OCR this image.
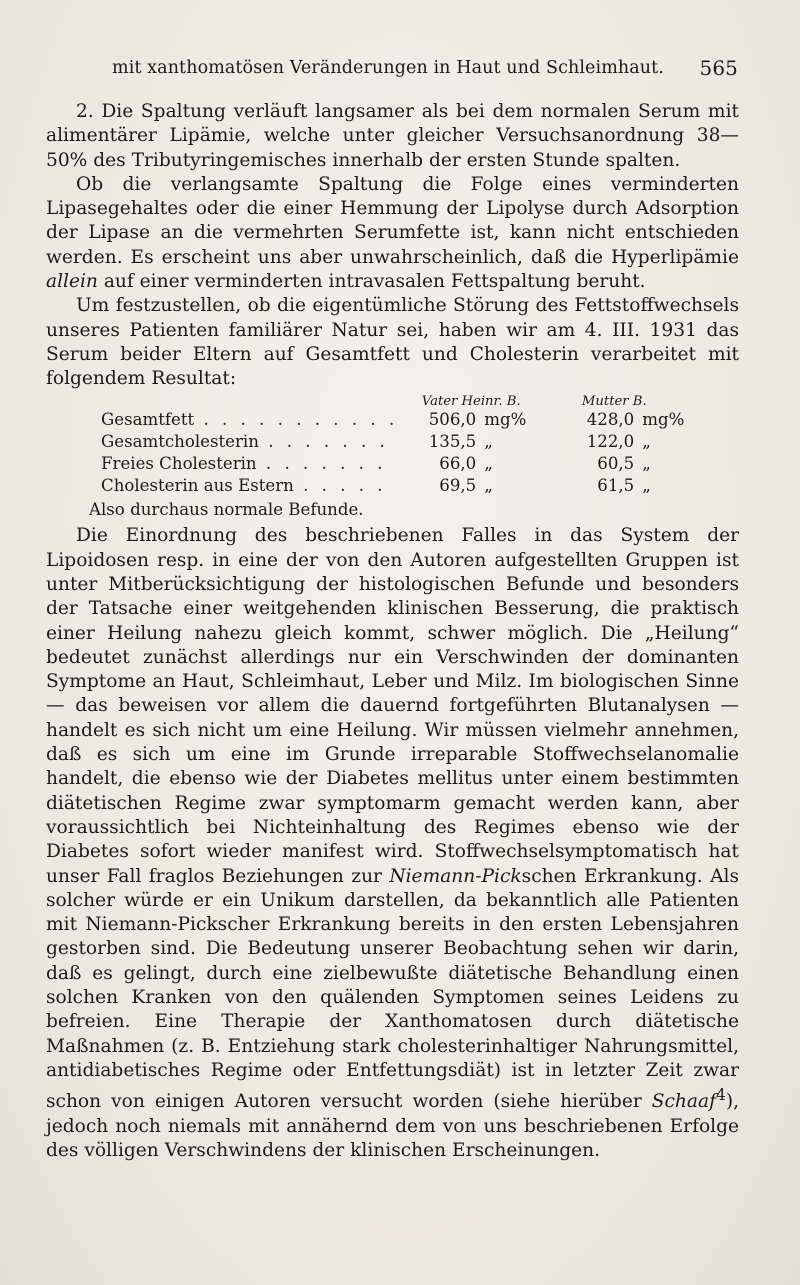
mit xanthomatösen Veränderungen in Haut und Schleimhaut. 565

2. Die Spaltung verläuft langsamer als bei dem normalen Serum mit alimentärer Lipämie, welche unter gleicher Versuchsanordnung 38—50% des Tributyringemisches innerhalb der ersten Stunde spalten.

Ob die verlangsamte Spaltung die Folge eines verminderten Lipasegehaltes oder die einer Hemmung der Lipolyse durch Adsorption der Lipase an die vermehrten Serumfette ist, kann nicht entschieden werden. Es erscheint uns aber unwahrscheinlich, daß die Hyperlipämie allein auf einer verminderten intravasalen Fettspaltung beruht.

Um festzustellen, ob die eigentümliche Störung des Fettstoffwechsels unseres Patienten familiärer Natur sei, haben wir am 4. III. 1931 das Serum beider Eltern auf Gesamtfett und Cholesterin verarbeitet mit folgendem Resultat:

	Vater Heinr. B.		Mutter B.	
Gesamtfett . . . . . . . . . . .	506,0	mg%	428,0	mg%
Gesamtcholesterin . . . . . . .	135,5	„	122,0	„
Freies Cholesterin . . . . . . .	66,0	„	60,5	„
Cholesterin aus Estern . . . . .	69,5	„	61,5	„
Also durchaus normale Befunde.

Die Einordnung des beschriebenen Falles in das System der Lipoidosen resp. in eine der von den Autoren aufgestellten Gruppen ist unter Mitberücksichtigung der histologischen Befunde und besonders der Tatsache einer weitgehenden klinischen Besserung, die praktisch einer Heilung nahezu gleich kommt, schwer möglich. Die „Heilung“ bedeutet zunächst allerdings nur ein Verschwinden der dominanten Symptome an Haut, Schleimhaut, Leber und Milz. Im biologischen Sinne — das beweisen vor allem die dauernd fortgeführten Blutanalysen — handelt es sich nicht um eine Heilung. Wir müssen vielmehr annehmen, daß es sich um eine im Grunde irreparable Stoffwechselanomalie handelt, die ebenso wie der Diabetes mellitus unter einem bestimmten diätetischen Regime zwar symptomarm gemacht werden kann, aber voraussichtlich bei Nichteinhaltung des Regimes ebenso wie der Diabetes sofort wieder manifest wird. Stoffwechselsymptomatisch hat unser Fall fraglos Beziehungen zur Niemann-Pickschen Erkrankung. Als solcher würde er ein Unikum darstellen, da bekanntlich alle Patienten mit Niemann-Pickscher Erkrankung bereits in den ersten Lebensjahren gestorben sind. Die Bedeutung unserer Beobachtung sehen wir darin, daß es gelingt, durch eine zielbewußte diätetische Behandlung einen solchen Kranken von den quälenden Symptomen seines Leidens zu befreien. Eine Therapie der Xanthomatosen durch diätetische Maßnahmen (z. B. Entziehung stark cholesterinhaltiger Nahrungsmittel, antidiabetisches Regime oder Entfettungsdiät) ist in letzter Zeit zwar schon von einigen Autoren versucht worden (siehe hierüber Schaaf$^4$), jedoch noch niemals mit annähernd dem von uns beschriebenen Erfolge des völligen Verschwindens der klinischen Erscheinungen.
